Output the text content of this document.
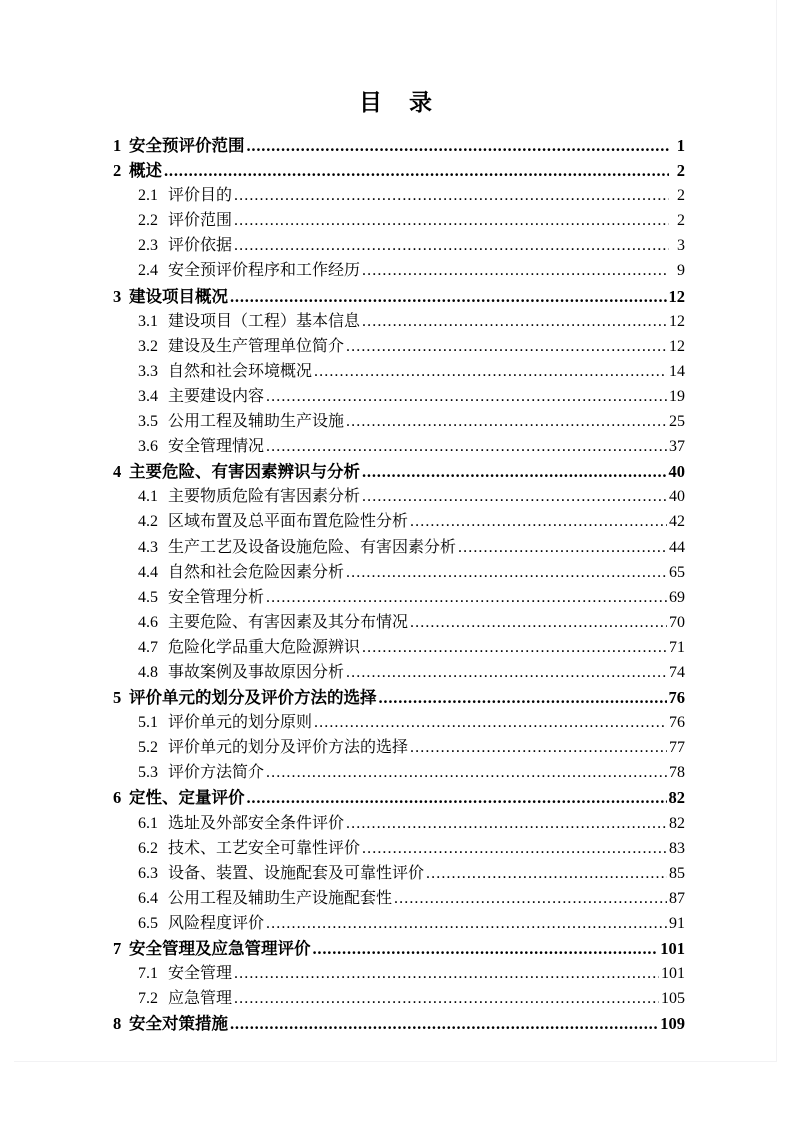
目　录
1 安全预评价范围 .....	1
2 概述 .....	2
2.1 评价目的 .....	2
2.2 评价范围 .....	2
2.3 评价依据 .....	3
2.4 安全预评价程序和工作经历 .....	9
3 建设项目概况 .....	12
3.1 建设项目（工程）基本信息 .....	12
3.2 建设及生产管理单位简介 .....	12
3.3 自然和社会环境概况 .....	14
3.4 主要建设内容 .....	19
3.5 公用工程及辅助生产设施 .....	25
3.6 安全管理情况 .....	37
4 主要危险、有害因素辨识与分析 .....	40
4.1 主要物质危险有害因素分析 .....	40
4.2 区域布置及总平面布置危险性分析 .....	42
4.3 生产工艺及设备设施危险、有害因素分析 .....	44
4.4 自然和社会危险因素分析 .....	65
4.5 安全管理分析 .....	69
4.6 主要危险、有害因素及其分布情况 .....	70
4.7 危险化学品重大危险源辨识 .....	71
4.8 事故案例及事故原因分析 .....	74
5 评价单元的划分及评价方法的选择 .....	76
5.1 评价单元的划分原则 .....	76
5.2 评价单元的划分及评价方法的选择 .....	77
5.3 评价方法简介 .....	78
6 定性、定量评价 .....	82
6.1 选址及外部安全条件评价 .....	82
6.2 技术、工艺安全可靠性评价 .....	83
6.3 设备、装置、设施配套及可靠性评价 .....	85
6.4 公用工程及辅助生产设施配套性 .....	87
6.5 风险程度评价 .....	91
7 安全管理及应急管理评价 .....	101
7.1 安全管理 .....	101
7.2 应急管理 .....	105
8 安全对策措施 .....	109
